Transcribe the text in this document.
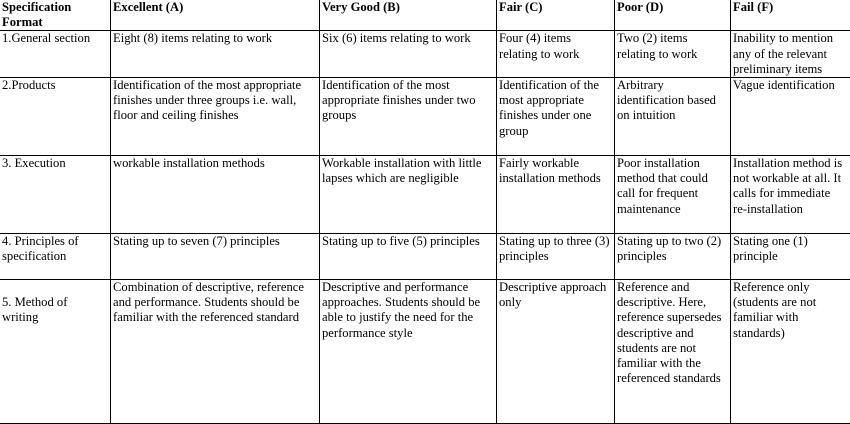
Specification Format	Excellent (A)	Very Good (B)	Fair (C)	Poor (D)	Fail (F)
1.General section	Eight (8) items relating to work	Six (6) items relating to work	Four (4) items relating to work	Two (2) items relating to work	Inability to mention any of the relevant preliminary items
2.Products	Identification of the most appropriate finishes under three groups i.e. wall, floor and ceiling finishes	Identification of the most appropriate finishes under two groups	Identification of the most appropriate finishes under one group	Arbitrary identification based on intuition	Vague identification
3. Execution	workable installation methods	Workable installation with little lapses which are negligible	Fairly workable installation methods	Poor installation method that could call for frequent maintenance	Installation method is not workable at all. It calls for immediate re-installation
4. Principles of specification	Stating up to seven (7) principles	Stating up to five (5) principles	Stating up to three (3) principles	Stating up to two (2) principles	Stating one (1) principle

5. Method of writing	Combination of descriptive, reference and performance. Students should be familiar with the referenced standard	Descriptive and performance approaches. Students should be able to justify the need for the performance style	Descriptive approach only	Reference and descriptive. Here, reference supersedes descriptive and students are not familiar with the referenced standards	Reference only (students are not familiar with standards)
